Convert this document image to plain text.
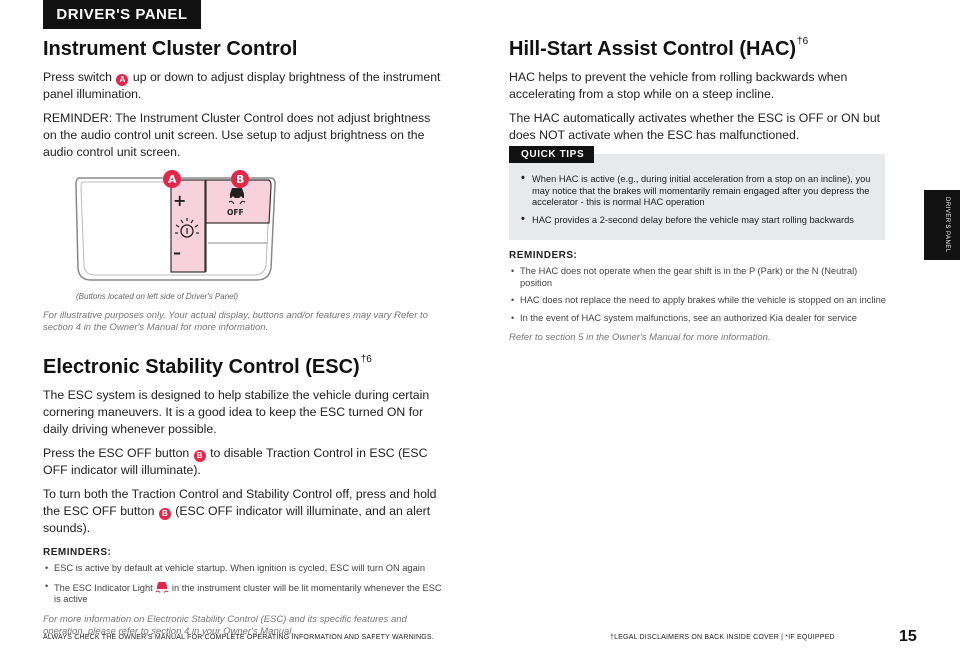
DRIVER'S PANEL
DRIVER'S PANEL
Instrument Cluster Control

Press switch A up or down to adjust display brightness of the instrument panel illumination.

REMINDER: The Instrument Cluster Control does not adjust brightness on the audio control unit screen. Use setup to adjust brightness on the audio control unit screen.

+
–
OFF
A	B
(Buttons located on left side of Driver's Panel)

For illustrative purposes only. Your actual display, buttons and/or features may vary Refer to section 4 in the Owner's Manual for more information.

Electronic Stability Control (ESC)$^{\dagger 6}$

The ESC system is designed to help stabilize the vehicle during certain cornering maneuvers. It is a good idea to keep the ESC turned ON for daily driving whenever possible.

Press the ESC OFF button B to disable Traction Control in ESC (ESC OFF indicator will illuminate).

To turn both the Traction Control and Stability Control off, press and hold the ESC OFF button B (ESC OFF indicator will illuminate, and an alert sounds).

REMINDERS:
• ESC is active by default at vehicle startup. When ignition is cycled, ESC will turn ON again
• The ESC Indicator Light in the instrument cluster will be lit momentarily whenever the ESC is active

For more information on Electronic Stability Control (ESC) and its specific features and operation, please refer to section 4 in your Owner's Manual.

Hill-Start Assist Control (HAC)$^{\dagger 6}$

HAC helps to prevent the vehicle from rolling backwards when accelerating from a stop while on a steep incline.

The HAC automatically activates whether the ESC is OFF or ON but does NOT activate when the ESC has malfunctioned.

QUICK TIPS
• When HAC is active (e.g., during initial acceleration from a stop on an incline), you may notice that the brakes will momentarily remain engaged after you depress the accelerator - this is normal HAC operation
• HAC provides a 2-second delay before the vehicle may start rolling backwards
REMINDERS:
• The HAC does not operate when the gear shift is in the P (Park) or the N (Neutral) position
• HAC does not replace the need to apply brakes while the vehicle is stopped on an incline
• In the event of HAC system malfunctions, see an authorized Kia dealer for service

Refer to section 5 in the Owner's Manual for more information.

ALWAYS CHECK THE OWNER'S MANUAL FOR COMPLETE OPERATING INFORMATION AND SAFETY WARNINGS.	†LEGAL DISCLAIMERS ON BACK INSIDE COVER | *IF EQUIPPED	15
